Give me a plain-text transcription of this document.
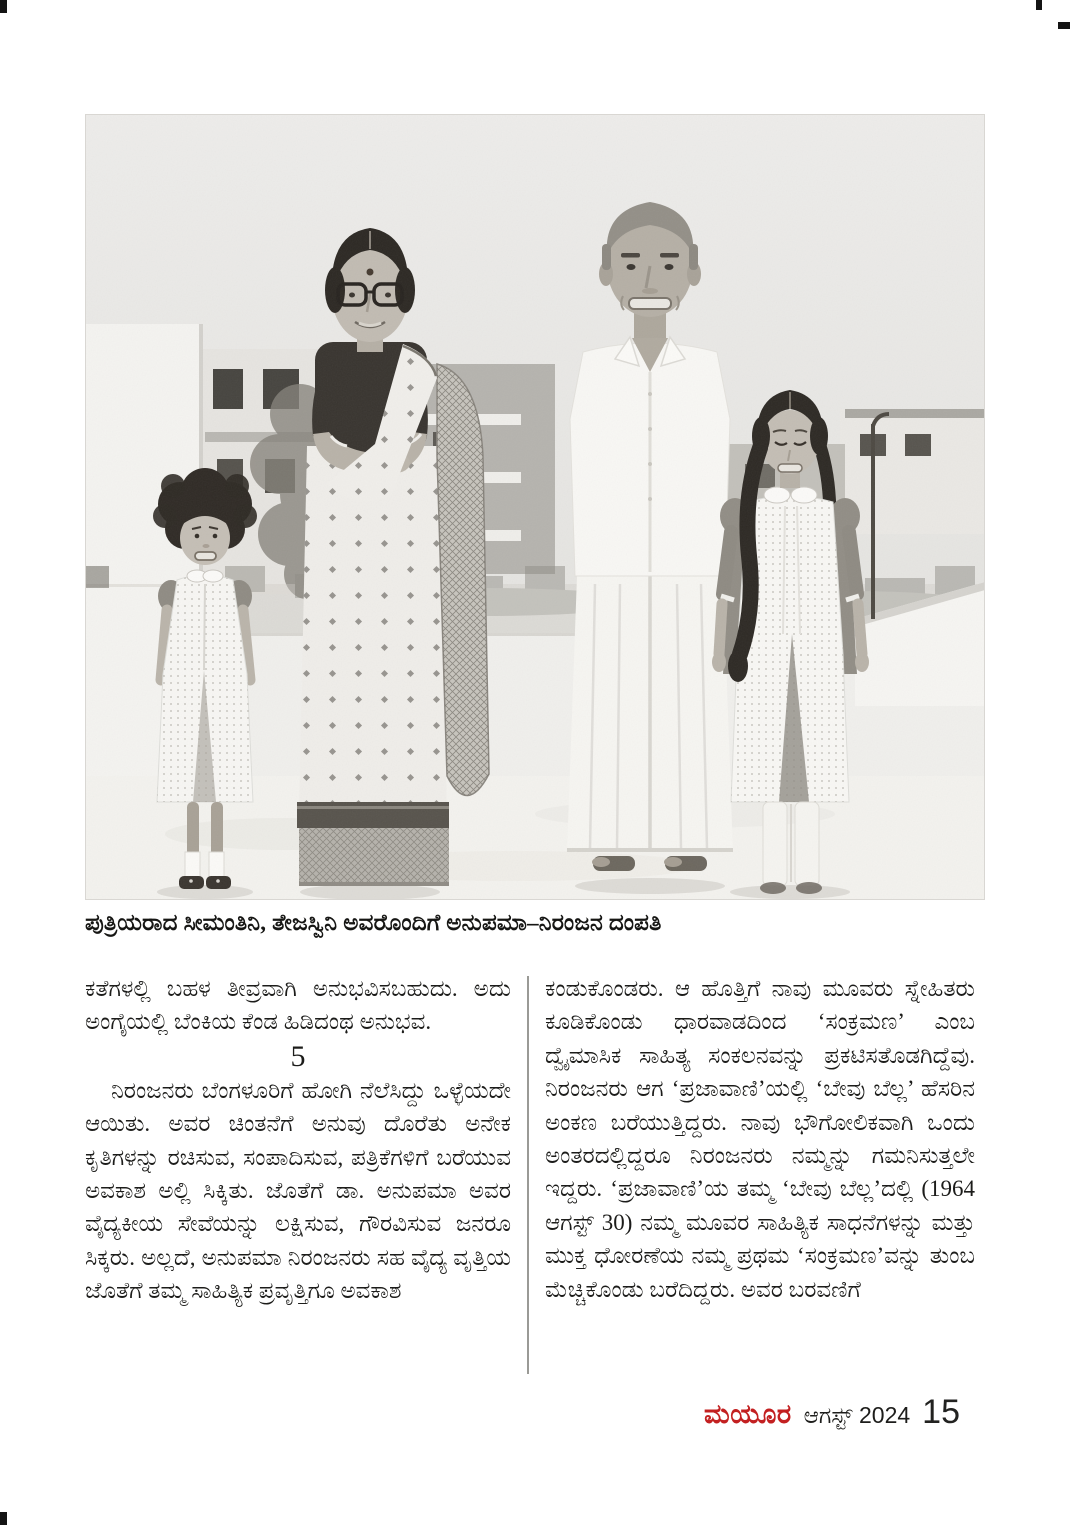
ಪುತ್ರಿಯರಾದ ಸೀಮಂತಿನಿ, ತೇಜಸ್ವಿನಿ ಅವರೊಂದಿಗೆ ಅನುಪಮಾ–ನಿರಂಜನ ದಂಪತಿ

ಕತೆಗಳಲ್ಲಿ ಬಹಳ ತೀವ್ರವಾಗಿ ಅನುಭವಿಸಬಹುದು. ಅದು ಅಂಗೈಯಲ್ಲಿ ಬೆಂಕಿಯ ಕೆಂಡ ಹಿಡಿದಂಥ ಅನುಭವ.

5

ನಿರಂಜನರು ಬೆಂಗಳೂರಿಗೆ ಹೋಗಿ ನೆಲೆಸಿದ್ದು ಒಳ್ಳೆಯದೇ ಆಯಿತು. ಅವರ ಚಿಂತನೆಗೆ ಅನುವು ದೊರೆತು ಅನೇಕ ಕೃತಿಗಳನ್ನು ರಚಿಸುವ, ಸಂಪಾದಿಸುವ, ಪತ್ರಿಕೆಗಳಿಗೆ ಬರೆಯುವ ಅವಕಾಶ ಅಲ್ಲಿ ಸಿಕ್ಕಿತು. ಜೊತೆಗೆ ಡಾ. ಅನುಪಮಾ ಅವರ ವೈದ್ಯಕೀಯ ಸೇವೆಯನ್ನು ಲಕ್ಷಿಸುವ, ಗೌರವಿಸುವ ಜನರೂ ಸಿಕ್ಕರು. ಅಲ್ಲದೆ, ಅನುಪಮಾ ನಿರಂಜನರು ಸಹ ವೈದ್ಯ ವೃತ್ತಿಯ ಜೊತೆಗೆ ತಮ್ಮ ಸಾಹಿತ್ಯಿಕ ಪ್ರವೃತ್ತಿಗೂ ಅವಕಾಶ

ಕಂಡುಕೊಂಡರು. ಆ ಹೊತ್ತಿಗೆ ನಾವು ಮೂವರು ಸ್ನೇಹಿತರು ಕೂಡಿಕೊಂಡು ಧಾರವಾಡದಿಂದ ‘ಸಂಕ್ರಮಣ’ ಎಂಬ ದ್ವೈಮಾಸಿಕ ಸಾಹಿತ್ಯ ಸಂಕಲನವನ್ನು ಪ್ರಕಟಿಸತೊಡಗಿದ್ದೆವು. ನಿರಂಜನರು ಆಗ ‘ಪ್ರಜಾವಾಣಿ’ಯಲ್ಲಿ ‘ಬೇವು ಬೆಲ್ಲ’ ಹೆಸರಿನ ಅಂಕಣ ಬರೆಯುತ್ತಿದ್ದರು. ನಾವು ಭೌಗೋಲಿಕವಾಗಿ ಒಂದು ಅಂತರದಲ್ಲಿದ್ದರೂ ನಿರಂಜನರು ನಮ್ಮನ್ನು ಗಮನಿಸುತ್ತಲೇ ಇದ್ದರು. ‘ಪ್ರಜಾವಾಣಿ’ಯ ತಮ್ಮ ‘ಬೇವು ಬೆಲ್ಲ’ದಲ್ಲಿ (1964 ಆಗಸ್ಟ್ 30) ನಮ್ಮ ಮೂವರ ಸಾಹಿತ್ಯಿಕ ಸಾಧನೆಗಳನ್ನು ಮತ್ತು ಮುಕ್ತ ಧೋರಣೆಯ ನಮ್ಮ ಪ್ರಥಮ ‘ಸಂಕ್ರಮಣ’ವನ್ನು ತುಂಬ ಮೆಚ್ಚಿಕೊಂಡು ಬರೆದಿದ್ದರು. ಅವರ ಬರವಣಿಗೆ

ಮಯೂರ ಆಗಸ್ಟ್ 2024 15
